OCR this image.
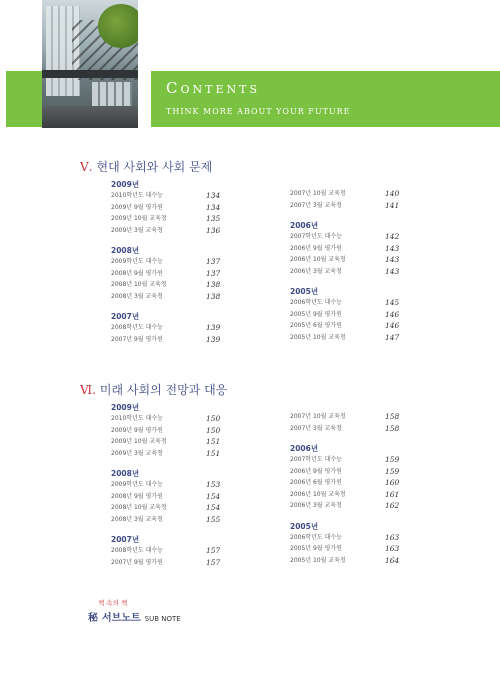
Contents
THINK MORE ABOUT YOUR FUTURE
Ⅴ. 현대 사회와 사회 문제
2009년
2010학년도 대수능	134
2009년 9월 평가원	134
2009년 10월 교육청	135
2009년 3월 교육청	136
2008년
2009학년도 대수능	137
2008년 9월 평가원	137
2008년 10월 교육청	138
2008년 3월 교육청	138
2007년
2008학년도 대수능	139
2007년 9월 평가원	139
2007년 10월 교육청	140
2007년 3월 교육청	141
2006년
2007학년도 대수능	142
2006년 9월 평가원	143
2006년 10월 교육청	143
2006년 3월 교육청	143
2005년
2006학년도 대수능	145
2005년 9월 평가원	146
2005년 6월 평가원	146
2005년 10월 교육청	147
Ⅵ. 미래 사회의 전망과 대응
2009년
2010학년도 대수능	150
2009년 9월 평가원	150
2009년 10월 교육청	151
2009년 3월 교육청	151
2008년
2009학년도 대수능	153
2008년 9월 평가원	154
2008년 10월 교육청	154
2008년 3월 교육청	155
2007년
2008학년도 대수능	157
2007년 9월 평가원	157
2007년 10월 교육청	158
2007년 3월 교육청	158
2006년
2007학년도 대수능	159
2006년 9월 평가원	159
2006년 6월 평가원	160
2006년 10월 교육청	161
2006년 3월 교육청	162
2005년
2006학년도 대수능	163
2005년 9월 평가원	163
2005년 10월 교육청	164
책 속의 책
秘 서브노트 SUB NOTE
